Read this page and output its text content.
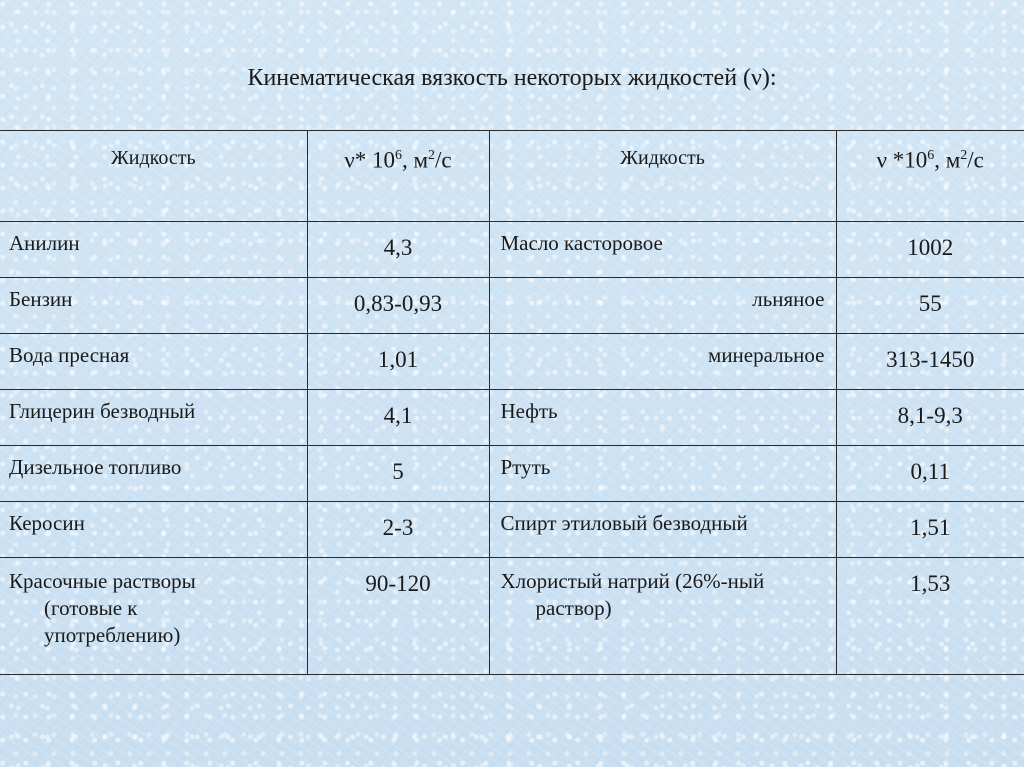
Кинематическая вязкость некоторых жидкостей (ν):
Жидкость	ν* $10^6$, $м^2/с$	Жидкость	ν $*10^6$, $м^2/с$
Анилин	4,3	Масло касторовое	1002
Бензин	0,83-0,93	льняное	55
Вода пресная	1,01	минеральное	313-1450
Глицерин безводный	4,1	Нефть	8,1-9,3
Дизельное топливо	5	Ртуть	0,11
Керосин	2-3	Спирт этиловый безводный	1,51

Красочные растворы
(готовые к
употреблению)	90-120	Хлористый натрий (26%-ный
раствор)	1,53
